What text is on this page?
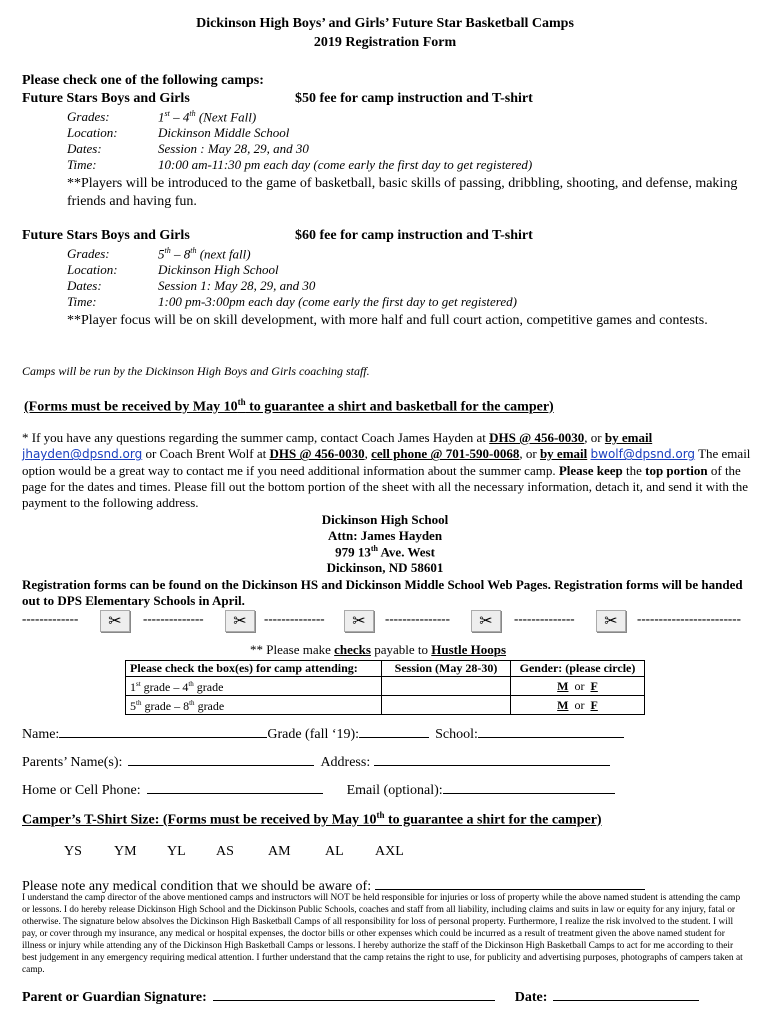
Dickinson High Boys’ and Girls’ Future Star Basketball Camps
2019 Registration Form
Please check one of the following camps:
Future Stars Boys and Girls	$50 fee for camp instruction and T-shirt
Grades:	1st – 4th (Next Fall)
Location:	Dickinson Middle School
Dates:	Session : May 28, 29, and 30
Time:	10:00 am-11:30 pm each day (come early the first day to get registered)
**Players will be introduced to the game of basketball, basic skills of passing, dribbling, shooting, and defense, making friends and having fun.
Future Stars Boys and Girls	$60 fee for camp instruction and T-shirt
Grades:	5th – 8th (next fall)
Location:	Dickinson High School
Dates:	Session 1: May 28, 29, and 30
Time:	1:00 pm-3:00pm each day (come early the first day to get registered)
**Player focus will be on skill development, with more half and full court action, competitive games and contests.
Camps will be run by the Dickinson High Boys and Girls coaching staff.
(Forms must be received by May 10th to guarantee a shirt and basketball for the camper)
* If you have any questions regarding the summer camp, contact Coach James Hayden at DHS @ 456-0030, or by email jhayden@dpsnd.org or Coach Brent Wolf at DHS @ 456-0030, cell phone @ 701-590-0068, or by email bwolf@dpsnd.org The email option would be a great way to contact me if you need additional information about the summer camp. Please keep the top portion of the page for the dates and times. Please fill out the bottom portion of the sheet with all the necessary information, detach it, and send it with the payment to the following address.
Dickinson High School
Attn: James Hayden
979 13th Ave. West
Dickinson, ND 58601
Registration forms can be found on the Dickinson HS and Dickinson Middle School Web Pages. Registration forms will be handed out to DPS Elementary Schools in April.
-------------	✂	--------------	✂	--------------	✂	---------------	✂	--------------	✂	------------------------
** Please make checks payable to Hustle Hoops
Please check the box(es) for camp attending:	Session (May 28-30)	Gender: (please circle)
1st grade – 4th grade		M or F
5th grade – 8th grade		M or F
Name:	Grade (fall ‘19):	School:
Parents’ Name(s):	Address:
Home or Cell Phone:	Email (optional):
Camper’s T-Shirt Size: (Forms must be received by May 10th to guarantee a shirt for the camper)
YS YM YL AS AM AL AXL
Please note any medical condition that we should be aware of:
I understand the camp director of the above mentioned camps and instructors will NOT be held responsible for injuries or loss of property while the above named student is attending the camp or lessons. I do hereby release Dickinson High School and the Dickinson Public Schools, coaches and staff from all liability, including claims and suits in law or equity for any injury, fatal or otherwise. The signature below absolves the Dickinson High Basketball Camps of all responsibility for loss of personal property. Furthermore, I realize the risk involved to the student. I will pay, or cover through my insurance, any medical or hospital expenses, the doctor bills or other expenses which could be incurred as a result of treatment given the above named student for illness or injury while attending any of the Dickinson High Basketball Camps or lessons. I hereby authorize the staff of the Dickinson High Basketball Camps to act for me according to their best judgement in any emergency requiring medical attention. I further understand that the camp retains the right to use, for publicity and advertising purposes, photographs of campers taken at camp.
Parent or Guardian Signature:	Date:
